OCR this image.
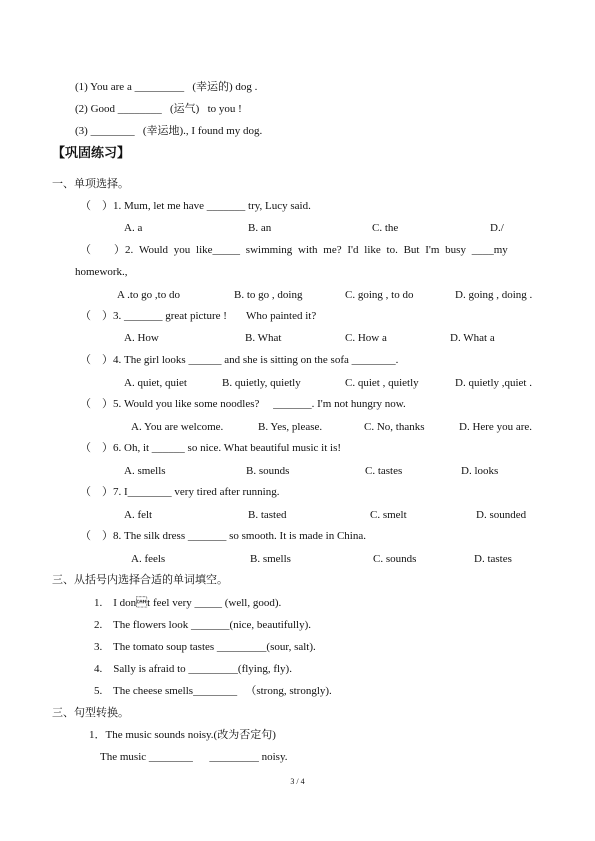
(1) You are a _________   (幸运的) dog .
(2) Good ________   (运气)   to you !
(3) ________   (幸运地)., I found my dog.
【巩固练习】
一、单项选择。
（    ）1. Mum, let me have _______ try, Lucy said.
A. a	B. an	C. the	D./
（    ）2. Would you like_____ swimming with me? I'd like to. But I'm busy ____my
homework.,
A .to go ,to do	B. to go , doing	C. going , to do	D. going , doing .
（    ）3. _______ great picture !       Who painted it?
A. How	B. What	C. How a	D. What a
（    ）4. The girl looks ______ and she is sitting on the sofa ________.
A. quiet, quiet	B. quietly, quietly	C. quiet , quietly	D. quietly ,quiet .
（    ）5. Would you like some noodles?     _______. I'm not hungry now.
A. You are welcome.	B. Yes, please.	C. No, thanks	D. Here you are.
（    ）6. Oh, it ______ so nice. What beautiful music it is!
A. smells	B. sounds	C. tastes	D. looks
（    ）7. I________ very tired after running.
A. felt	B. tasted	C. smelt	D. sounded
（    ）8. The silk dress _______ so smooth. It is made in China.
A. feels	B. smells	C. sounds	D. tastes
三、从括号内选择合适的单词填空。
1.    I dont feel very _____ (well, good).
2.    The flowers look _______(nice, beautifully).
3.    The tomato soup tastes _________(sour, salt).
4.    Sally is afraid to _________(flying, fly).
5.    The cheese smells________   （strong, strongly).
三、句型转换。
1．The music sounds noisy.(改为否定句)
The music ________      _________ noisy.
3 / 4
